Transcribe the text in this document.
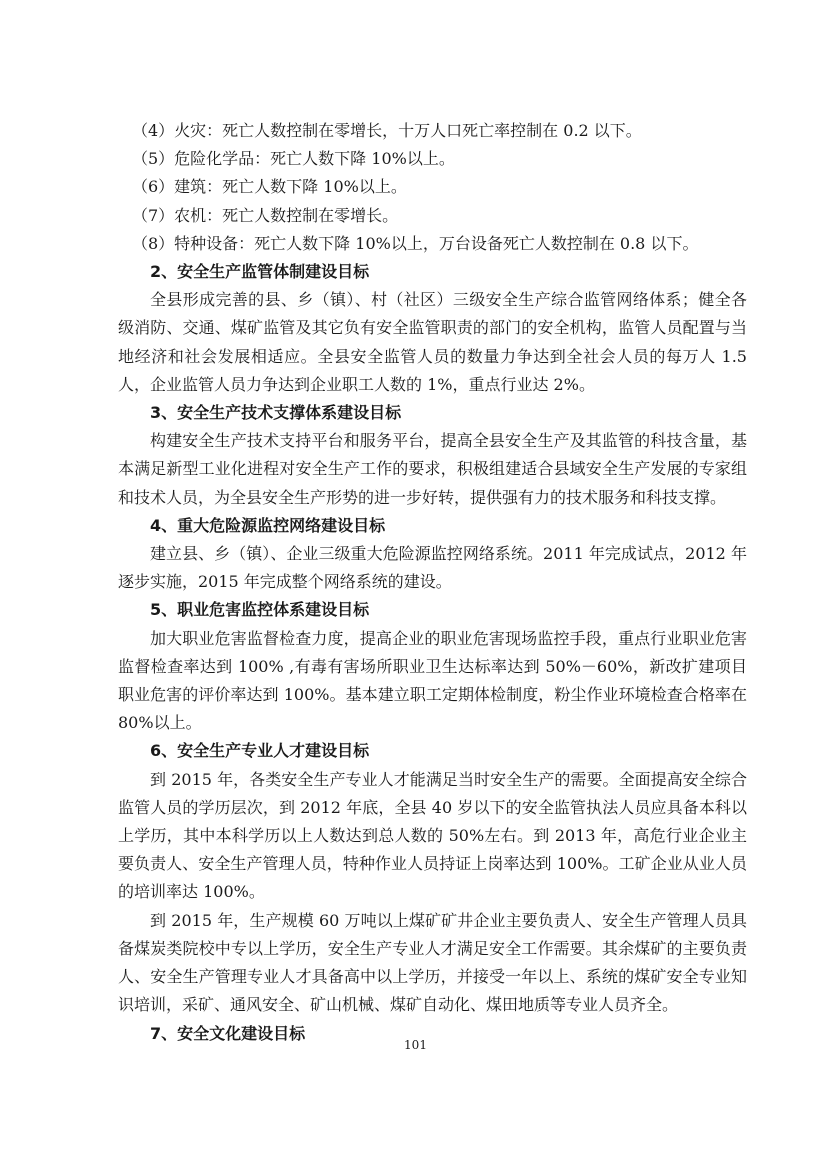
（4）火灾：死亡人数控制在零增长，十万人口死亡率控制在 0.2 以下。

（5）危险化学品：死亡人数下降 10%以上。

（6）建筑：死亡人数下降 10%以上。

（7）农机：死亡人数控制在零增长。

（8）特种设备：死亡人数下降 10%以上，万台设备死亡人数控制在 0.8 以下。

2、安全生产监管体制建设目标

全县形成完善的县、乡（镇）、村（社区）三级安全生产综合监管网络体系；健全各级消防、交通、煤矿监管及其它负有安全监管职责的部门的安全机构，监管人员配置与当地经济和社会发展相适应。全县安全监管人员的数量力争达到全社会人员的每万人 1.5人，企业监管人员力争达到企业职工人数的 1%，重点行业达 2%。

3、安全生产技术支撑体系建设目标

构建安全生产技术支持平台和服务平台，提高全县安全生产及其监管的科技含量，基本满足新型工业化进程对安全生产工作的要求，积极组建适合县域安全生产发展的专家组和技术人员，为全县安全生产形势的进一步好转，提供强有力的技术服务和科技支撑。

4、重大危险源监控网络建设目标

建立县、乡（镇）、企业三级重大危险源监控网络系统。2011 年完成试点，2012 年逐步实施，2015 年完成整个网络系统的建设。

5、职业危害监控体系建设目标

加大职业危害监督检查力度，提高企业的职业危害现场监控手段，重点行业职业危害监督检查率达到 100% ,有毒有害场所职业卫生达标率达到 50%－60%，新改扩建项目职业危害的评价率达到 100%。基本建立职工定期体检制度，粉尘作业环境检查合格率在 80%以上。

6、安全生产专业人才建设目标

到 2015 年，各类安全生产专业人才能满足当时安全生产的需要。全面提高安全综合监管人员的学历层次，到 2012 年底，全县 40 岁以下的安全监管执法人员应具备本科以上学历，其中本科学历以上人数达到总人数的 50%左右。到 2013 年，高危行业企业主要负责人、安全生产管理人员，特种作业人员持证上岗率达到 100%。工矿企业从业人员的培训率达 100%。

到 2015 年，生产规模 60 万吨以上煤矿矿井企业主要负责人、安全生产管理人员具备煤炭类院校中专以上学历，安全生产专业人才满足安全工作需要。其余煤矿的主要负责人、安全生产管理专业人才具备高中以上学历，并接受一年以上、系统的煤矿安全专业知识培训，采矿、通风安全、矿山机械、煤矿自动化、煤田地质等专业人员齐全。

7、安全文化建设目标
101
